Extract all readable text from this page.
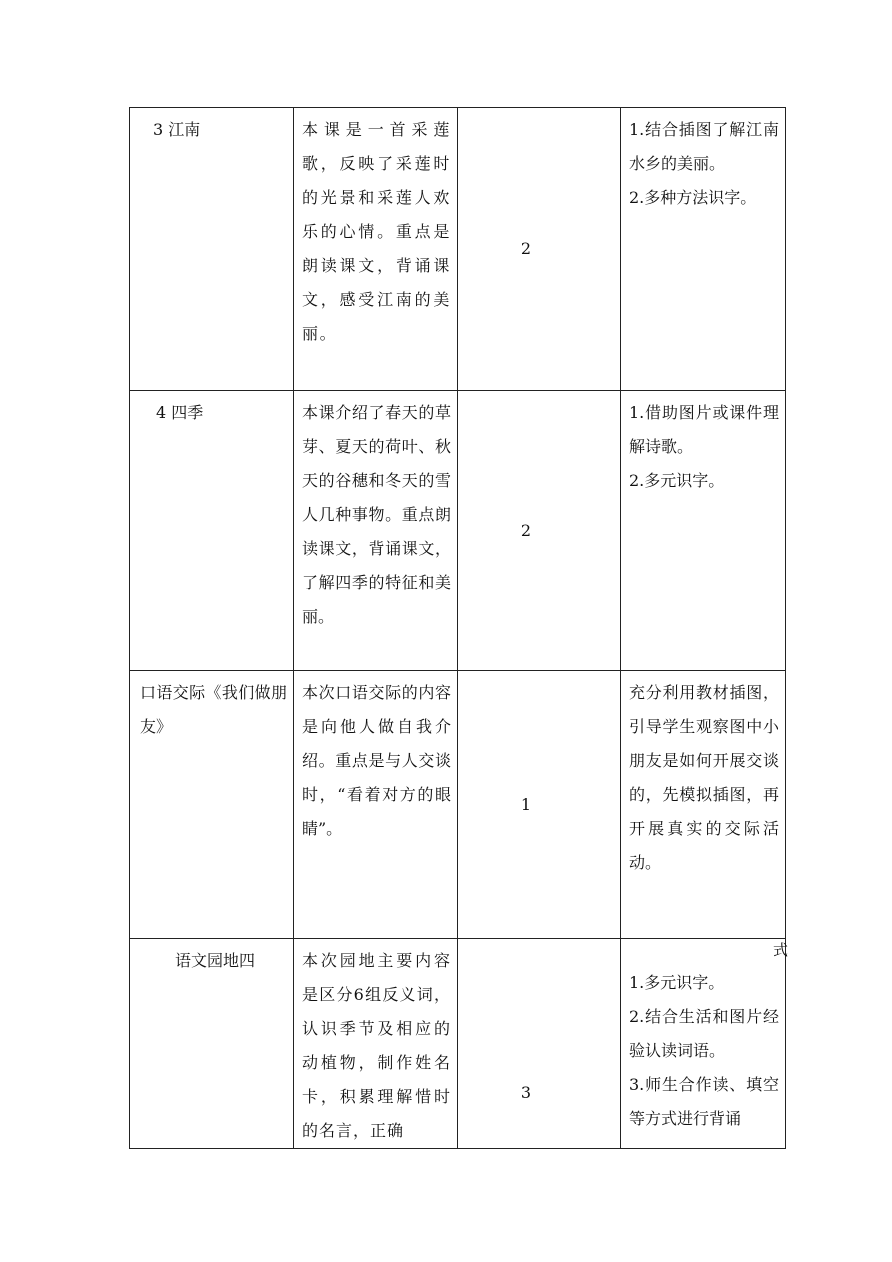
3 江南	本课是一首采莲歌，反映了采莲时的光景和采莲人欢乐的心情。重点是朗读课文，背诵课文，感受江南的美丽。	2	1.结合插图了解江南水乡的美丽。
2.多种方法识字。

4 四季	本课介绍了春天的草芽、夏天的荷叶、秋天的谷穗和冬天的雪人几种事物。重点朗读课文，背诵课文，了解四季的特征和美丽。	2	1.借助图片或课件理解诗歌。
2.多元识字。

口语交际《我们做朋友》	本次口语交际的内容是向他人做自我介绍。重点是与人交谈时，“看着对方的眼睛”。	1	充分利用教材插图，引导学生观察图中小朋友是如何开展交谈的，先模拟插图，再开展真实的交际活动。

语文园地四	本次园地主要内容是区分6组反义词，认识季节及相应的动植物，制作姓名卡，积累理解惜时的名言，正确	3	1.多元识字。
2.结合生活和图片经验认读词语。
3.师生合作读、填空等方式进行背诵
式
